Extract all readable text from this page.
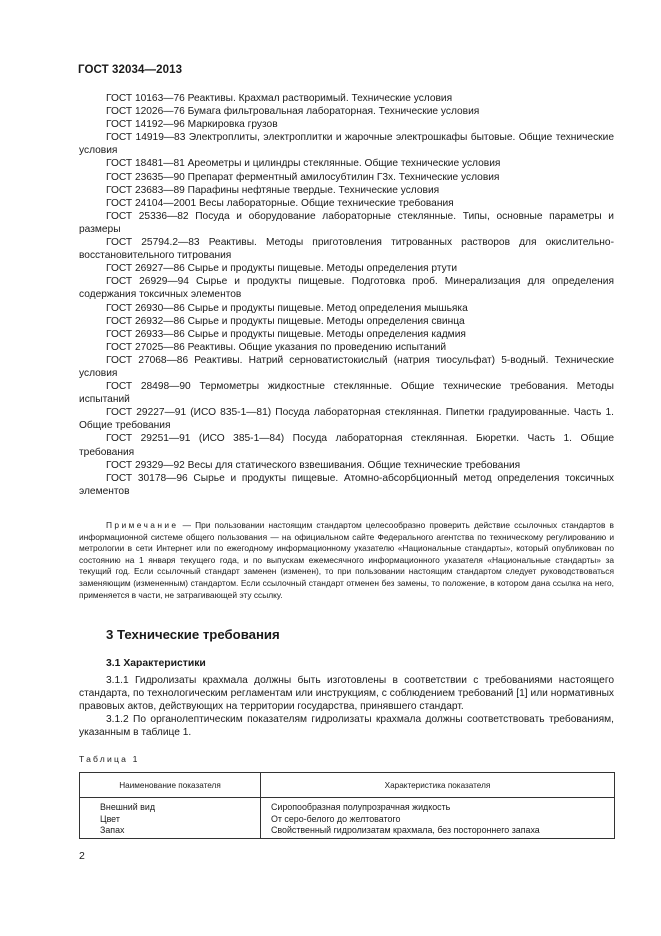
ГОСТ 32034—2013
ГОСТ 10163—76 Реактивы. Крахмал растворимый. Технические условия
ГОСТ 12026—76 Бумага фильтровальная лабораторная. Технические условия
ГОСТ 14192—96 Маркировка грузов
ГОСТ 14919—83 Электроплиты, электроплитки и жарочные электрошкафы бытовые. Общие технические условия
ГОСТ 18481—81 Ареометры и цилиндры стеклянные. Общие технические условия
ГОСТ 23635—90 Препарат ферментный амилосубтилин Г3х. Технические условия
ГОСТ 23683—89 Парафины нефтяные твердые. Технические условия
ГОСТ 24104—2001 Весы лабораторные. Общие технические требования
ГОСТ 25336—82 Посуда и оборудование лабораторные стеклянные. Типы, основные параметры и размеры
ГОСТ 25794.2—83 Реактивы. Методы приготовления титрованных растворов для окислительно-восстановительного титрования
ГОСТ 26927—86 Сырье и продукты пищевые. Методы определения ртути
ГОСТ 26929—94 Сырье и продукты пищевые. Подготовка проб. Минерализация для определения содержания токсичных элементов
ГОСТ 26930—86 Сырье и продукты пищевые. Метод определения мышьяка
ГОСТ 26932—86 Сырье и продукты пищевые. Методы определения свинца
ГОСТ 26933—86 Сырье и продукты пищевые. Методы определения кадмия
ГОСТ 27025—86 Реактивы. Общие указания по проведению испытаний
ГОСТ 27068—86 Реактивы. Натрий серноватистокислый (натрия тиосульфат) 5-водный. Технические условия
ГОСТ 28498—90 Термометры жидкостные стеклянные. Общие технические требования. Методы испытаний
ГОСТ 29227—91 (ИСО 835-1—81) Посуда лабораторная стеклянная. Пипетки градуированные. Часть 1. Общие требования
ГОСТ 29251—91 (ИСО 385-1—84) Посуда лабораторная стеклянная. Бюретки. Часть 1. Общие требования
ГОСТ 29329—92 Весы для статического взвешивания. Общие технические требования
ГОСТ 30178—96 Сырье и продукты пищевые. Атомно-абсорбционный метод определения токсичных элементов
Примечание — При пользовании настоящим стандартом целесообразно проверить действие ссылочных стандартов в информационной системе общего пользования — на официальном сайте Федерального агентства по техническому регулированию и метрологии в сети Интернет или по ежегодному информационному указателю «Национальные стандарты», который опубликован по состоянию на 1 января текущего года, и по выпускам ежемесячного информационного указателя «Национальные стандарты» за текущий год. Если ссылочный стандарт заменен (изменен), то при пользовании настоящим стандартом следует руководствоваться заменяющим (измененным) стандартом. Если ссылочный стандарт отменен без замены, то положение, в котором дана ссылка на него, применяется в части, не затрагивающей эту ссылку.
3 Технические требования
3.1 Характеристики
3.1.1 Гидролизаты крахмала должны быть изготовлены в соответствии с требованиями настоящего стандарта, по технологическим регламентам или инструкциям, с соблюдением требований [1] или нормативных правовых актов, действующих на территории государства, принявшего стандарт.
3.1.2 По органолептическим показателям гидролизаты крахмала должны соответствовать требованиям, указанным в таблице 1.
Таблица 1
Наименование показателя	Характеристика показателя
Внешний вид	Сиропообразная полупрозрачная жидкость
Цвет	От серо-белого до желтоватого
Запах	Свойственный гидролизатам крахмала, без постороннего запаха
2
